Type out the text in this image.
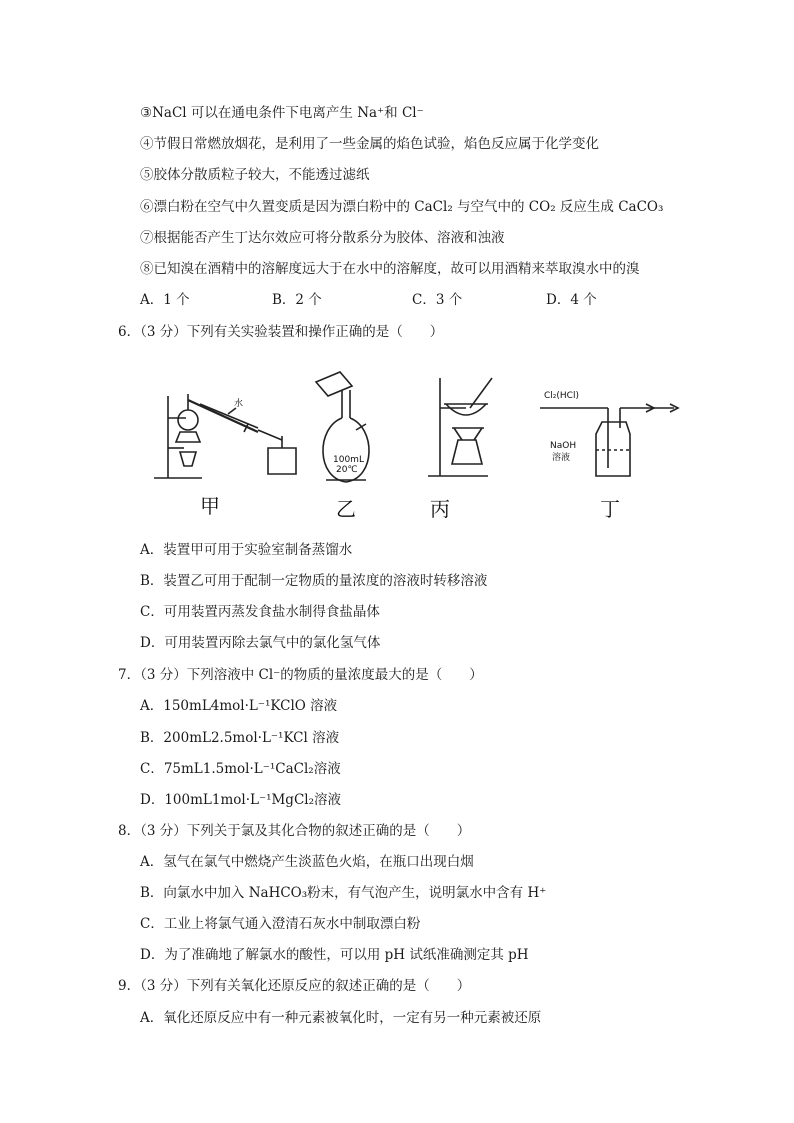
③NaCl 可以在通电条件下电离产生 Na⁺和 Cl⁻
④节假日常燃放烟花，是利用了一些金属的焰色试验，焰色反应属于化学变化
⑤胶体分散质粒子较大，不能透过滤纸
⑥漂白粉在空气中久置变质是因为漂白粉中的 CaCl₂ 与空气中的 CO₂ 反应生成 CaCO₃
⑦根据能否产生丁达尔效应可将分散系分为胶体、溶液和浊液
⑧已知溴在酒精中的溶解度远大于在水中的溶解度，故可以用酒精来萃取溴水中的溴
A．1 个	B．2 个	C．3 个	D．4 个
6．（3 分）下列有关实验装置和操作正确的是（　　）
水
100mL
20℃
Cl₂(HCl)
NaOH
溶液
甲	乙	丙	丁
A．装置甲可用于实验室制备蒸馏水
B．装置乙可用于配制一定物质的量浓度的溶液时转移溶液
C．可用装置丙蒸发食盐水制得食盐晶体
D．可用装置丙除去氯气中的氯化氢气体
7．（3 分）下列溶液中 Cl⁻的物质的量浓度最大的是（　　）
A．150mL4mol·L⁻¹KClO 溶液
B．200mL2.5mol·L⁻¹KCl 溶液
C．75mL1.5mol·L⁻¹CaCl₂溶液
D．100mL1mol·L⁻¹MgCl₂溶液
8．（3 分）下列关于氯及其化合物的叙述正确的是（　　）
A．氢气在氯气中燃烧产生淡蓝色火焰，在瓶口出现白烟
B．向氯水中加入 NaHCO₃粉末，有气泡产生，说明氯水中含有 H⁺
C．工业上将氯气通入澄清石灰水中制取漂白粉
D．为了准确地了解氯水的酸性，可以用 pH 试纸准确测定其 pH
9．（3 分）下列有关氧化还原反应的叙述正确的是（　　）
A．氧化还原反应中有一种元素被氧化时，一定有另一种元素被还原
